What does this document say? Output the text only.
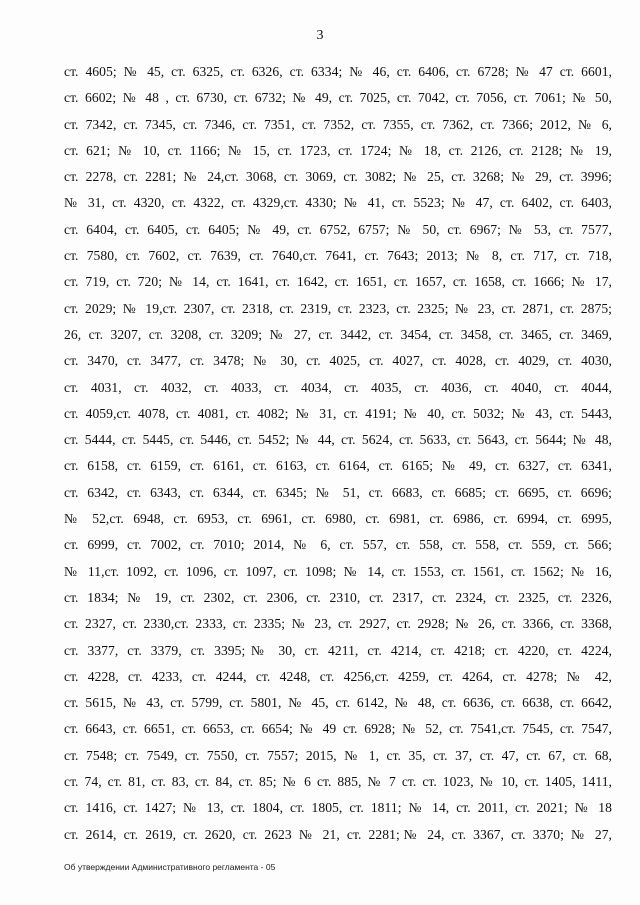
3
ст. 4605; № 45, ст. 6325, ст. 6326, ст. 6334; № 46, ст. 6406, ст. 6728; № 47 ст. 6601,
ст. 6602; № 48 , ст. 6730, ст. 6732; № 49, ст. 7025, ст. 7042, ст. 7056, ст. 7061; № 50,
ст. 7342, ст. 7345, ст. 7346, ст. 7351, ст. 7352, ст. 7355, ст. 7362, ст. 7366; 2012, № 6,
ст. 621; № 10, ст. 1166; № 15, ст. 1723, ст. 1724; № 18, ст. 2126, ст. 2128; № 19,
ст. 2278, ст. 2281; № 24,ст. 3068, ст. 3069, ст. 3082; № 25, ст. 3268; № 29, ст. 3996;
№ 31, ст. 4320, ст. 4322, ст. 4329,ст. 4330; № 41, ст. 5523; № 47, ст. 6402, ст. 6403,
ст. 6404, ст. 6405, ст. 6405; № 49, ст. 6752, 6757; № 50, ст. 6967; № 53, ст. 7577,
ст. 7580, ст. 7602, ст. 7639, ст. 7640,ст. 7641, ст. 7643; 2013; № 8, ст. 717, ст. 718,
ст. 719, ст. 720; № 14, ст. 1641, ст. 1642, ст. 1651, ст. 1657, ст. 1658, ст. 1666; № 17,
ст. 2029; № 19,ст. 2307, ст. 2318, ст. 2319, ст. 2323, ст. 2325; № 23, ст. 2871, ст. 2875;
26, ст. 3207, ст. 3208, ст. 3209; № 27, ст. 3442, ст. 3454, ст. 3458, ст. 3465, ст. 3469,
ст. 3470, ст. 3477, ст. 3478; № 30, ст. 4025, ст. 4027, ст. 4028, ст. 4029, ст. 4030,
ст. 4031, ст. 4032, ст. 4033, ст. 4034, ст. 4035, ст. 4036, ст. 4040, ст. 4044,
ст. 4059,ст. 4078, ст. 4081, ст. 4082; № 31, ст. 4191; № 40, ст. 5032; № 43, ст. 5443,
ст. 5444, ст. 5445, ст. 5446, ст. 5452; № 44, ст. 5624, ст. 5633, ст. 5643, ст. 5644; № 48,
ст. 6158, ст. 6159, ст. 6161, ст. 6163, ст. 6164, ст. 6165; № 49, ст. 6327, ст. 6341,
ст. 6342, ст. 6343, ст. 6344, ст. 6345; № 51, ст. 6683, ст. 6685; ст. 6695, ст. 6696;
№ 52,ст. 6948, ст. 6953, ст. 6961, ст. 6980, ст. 6981, ст. 6986, ст. 6994, ст. 6995,
ст. 6999, ст. 7002, ст. 7010; 2014, № 6, ст. 557, ст. 558, ст. 558, ст. 559, ст. 566;
№ 11,ст. 1092, ст. 1096, ст. 1097, ст. 1098; № 14, ст. 1553, ст. 1561, ст. 1562; № 16,
ст. 1834; № 19, ст. 2302, ст. 2306, ст. 2310, ст. 2317, ст. 2324, ст. 2325, ст. 2326,
ст. 2327, ст. 2330,ст. 2333, ст. 2335; № 23, ст. 2927, ст. 2928; № 26, ст. 3366, ст. 3368,
ст. 3377, ст. 3379, ст. 3395;№ 30, ст. 4211, ст. 4214, ст. 4218; ст. 4220, ст. 4224,
ст. 4228, ст. 4233, ст. 4244, ст. 4248, ст. 4256,ст. 4259, ст. 4264, ст. 4278; № 42,
ст. 5615, № 43, ст. 5799, ст. 5801, № 45, ст. 6142, № 48, ст. 6636, ст. 6638, ст. 6642,
ст. 6643, ст. 6651, ст. 6653, ст. 6654; № 49 ст. 6928; № 52, ст. 7541,ст. 7545, ст. 7547,
ст. 7548; ст. 7549, ст. 7550, ст. 7557; 2015, № 1, ст. 35, ст. 37, ст. 47, ст. 67, ст. 68,
ст. 74, ст. 81, ст. 83, ст. 84, ст. 85; № 6 ст. 885, № 7 ст. ст. 1023, № 10, ст. 1405, 1411,
ст. 1416, ст. 1427; № 13, ст. 1804, ст. 1805, ст. 1811; № 14, ст. 2011, ст. 2021; № 18
ст. 2614, ст. 2619, ст. 2620, ст. 2623 № 21, ст. 2281;№ 24, ст. 3367, ст. 3370; № 27,
Об утверждении Административного регламента - 05
